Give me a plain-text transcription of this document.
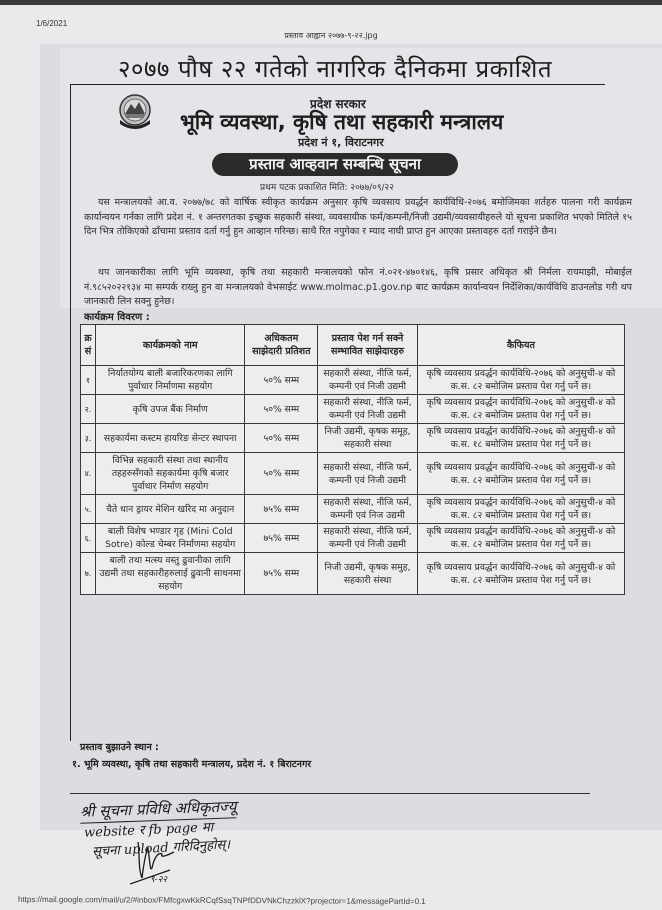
1/6/2021
प्रस्ताव आह्वान २०७७-९-२२.jpg
२०७७ पौष २२ गतेको नागरिक दैनिकमा प्रकाशित
प्रदेश सरकार
भूमि व्यवस्था, कृषि तथा सहकारी मन्त्रालय
प्रदेश नं १, विराटनगर
प्रस्ताव आव्हवान सम्बन्धि सूचना
प्रथम पटक प्रकाशित मिति: २०७७/०९/२२
यस मन्त्रालयको आ.व. २०७७/७८ को वार्षिक स्वीकृत कार्यक्रम अनुसार कृषि व्यवसाय प्रवर्द्धन कार्यविधि-२०७६ बमोजिमका शर्तहरु पालना गरी कार्यक्रम कार्यान्वयन गर्नका लागि प्रदेश नं. १ अन्तरगतका इच्छुक सहकारी संस्था, व्यवसायीक फर्म/कम्पनी/निजी उद्यमी/व्यवसायीहरुले यो सूचना प्रकाशित भएको मितिले १५ दिन भित्र तोकिएको ढाँचामा प्रस्ताव दर्ता गर्नु हुन आव्हान गरिन्छ। साथै रित नपुगेका र म्याद नाघी प्राप्त हुन आएका प्रस्तावहरु दर्ता गराईने छैन।
थप जानकारीका लागि भूमि व्यवस्था, कृषि तथा सहकारी मन्त्रालयको फोन नं.०२१-४७०१४६, कृषि प्रसार अधिकृत श्री निर्मला रायमाझी, मोबाईल नं.९८५२०२२१३४ मा सम्पर्क राख्नु हुन वा मन्त्रालयको वेभसाईट www.molmac.p1.gov.np बाट कार्यक्रम कार्यान्वयन निर्देशिका/कार्यविधि डाउनलोड गरी थप जानकारी लिन सक्नु हुनेछ।
कार्यक्रम विवरण :
क्र सं	कार्यक्रमको नाम	अधिकतम साझेदारी प्रतिशत	प्रस्ताव पेश गर्न सक्ने सम्भावित साझेदारहरु	कैफियत
१	निर्यातयोग्य बाली बजारिकरणका लागि पुर्वाधार निर्माणमा सहयोग	५०% सम्म	सहकारी संस्था, नीजि फर्म, कम्पनी एवं निजी उद्यमी	कृषि व्यवसाय प्रवर्द्धन कार्यविधि-२०७६ को अनुसुची-४ को क.स. ८२ बमोजिम प्रस्ताव पेश गर्नु पर्ने छ।
२.	कृषि उपज बैंक निर्माण	५०% सम्म	सहकारी संस्था, नीजि फर्म, कम्पनी एवं निजी उद्यमी	कृषि व्यवसाय प्रवर्द्धन कार्यविधि-२०७६ को अनुसुची-४ को क.स. ८२ बमोजिम प्रस्ताव पेश गर्नु पर्ने छ।
३.	सहकार्यमा कस्टम हायरिङ सेन्टर स्थापना	५०% सम्म	निजी उद्यमी, कृषक समूह, सहकारी संस्था	कृषि व्यवसाय प्रवर्द्धन कार्यविधि-२०७६ को अनुसुची-४ को क.स. १८ बमोजिम प्रस्ताव पेश गर्नु पर्ने छ।
४.	विभिन्न सहकारी संस्था तथा स्थानीय तहहरुसँगको सहकार्यमा कृषि बजार पुर्वाधार निर्माण सहयोग	५०% सम्म	सहकारी संस्था, नीजि फर्म, कम्पनी एवं निजी उद्यमी	कृषि व्यवसाय प्रवर्द्धन कार्यविधि-२०७६ को अनुसुची-४ को क.स. ८२ बमोजिम प्रस्ताव पेश गर्नु पर्ने छ।
५.	चैते धान ड्रायर मेशिन खरिद मा अनुदान	७५% सम्म	सहकारी संस्था, नीजि फर्म, कम्पनी एवं निज उद्यमी	कृषि व्यवसाय प्रवर्द्धन कार्यविधि-२०७६ को अनुसुची-४ को क.स. ८२ बमोजिम प्रस्ताव पेश गर्नु पर्ने छ।
६.	बाली विशेष भण्डार गृह (Mini Cold Sotre) कोल्ड चेम्बर निर्माणमा सहयोग	७५% सम्म	सहकारी संस्था, नीजि फर्म, कम्पनी एवं निजी उद्यमी	कृषि व्यवसाय प्रवर्द्धन कार्यविधि-२०७६ को अनुसुची-४ को क.स. ८२ बमोजिम प्रस्ताव पेश गर्नु पर्ने छ।
७.	बाली तथा मत्स्य वस्तु ढुवानीका लागि उद्यमी तथा सहकारीहरुलाई ढुवानी साधनमा सहयोग	७५% सम्म	निजी उद्यमी, कृषक समुह, सहकारी संस्था	कृषि व्यवसाय प्रवर्द्धन कार्यविधि-२०७६ को अनुसुची-४ को क.स. ८२ बमोजिम प्रस्ताव पेश गर्नु पर्ने छ।
प्रस्ताव बुझाउने स्थान :
१. भूमि व्यवस्था, कृषि तथा सहकारी मन्त्रालय, प्रदेश नं. १ बिराटनगर
श्री सूचना प्रविधि अधिकृतज्यू
website र fb page मा
सूचना upload गरिदिनुहोस्।
९-२२
https://mail.google.com/mail/u/2/#inbox/FMfcgxwKkRCqfSsqTNPfDDVNkChzzklX?projector=1&messagePartId=0.1
